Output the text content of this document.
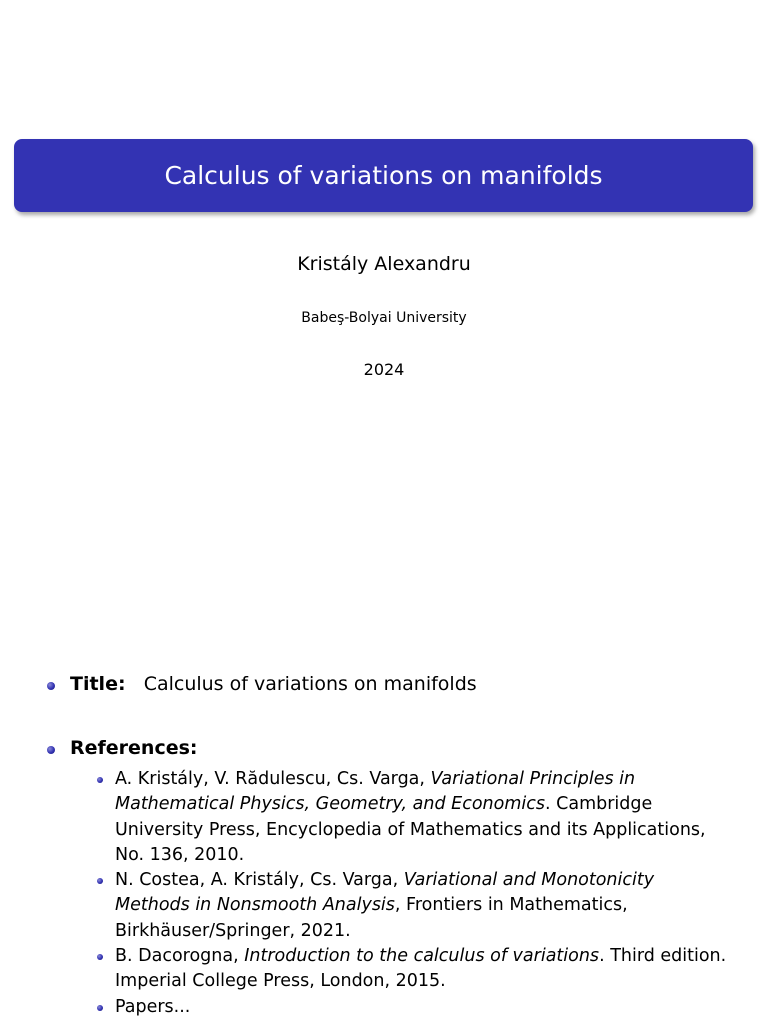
Calculus of variations on manifolds
Kristály Alexandru
Babeş-Bolyai University
2024
Title: Calculus of variations on manifolds
References:
A. Kristály, V. Rădulescu, Cs. Varga, Variational Principles in
Mathematical Physics, Geometry, and Economics. Cambridge
University Press, Encyclopedia of Mathematics and its Applications,
No. 136, 2010.
N. Costea, A. Kristály, Cs. Varga, Variational and Monotonicity
Methods in Nonsmooth Analysis, Frontiers in Mathematics,
Birkhäuser/Springer, 2021.
B. Dacorogna, Introduction to the calculus of variations. Third edition.
Imperial College Press, London, 2015.
Papers...
